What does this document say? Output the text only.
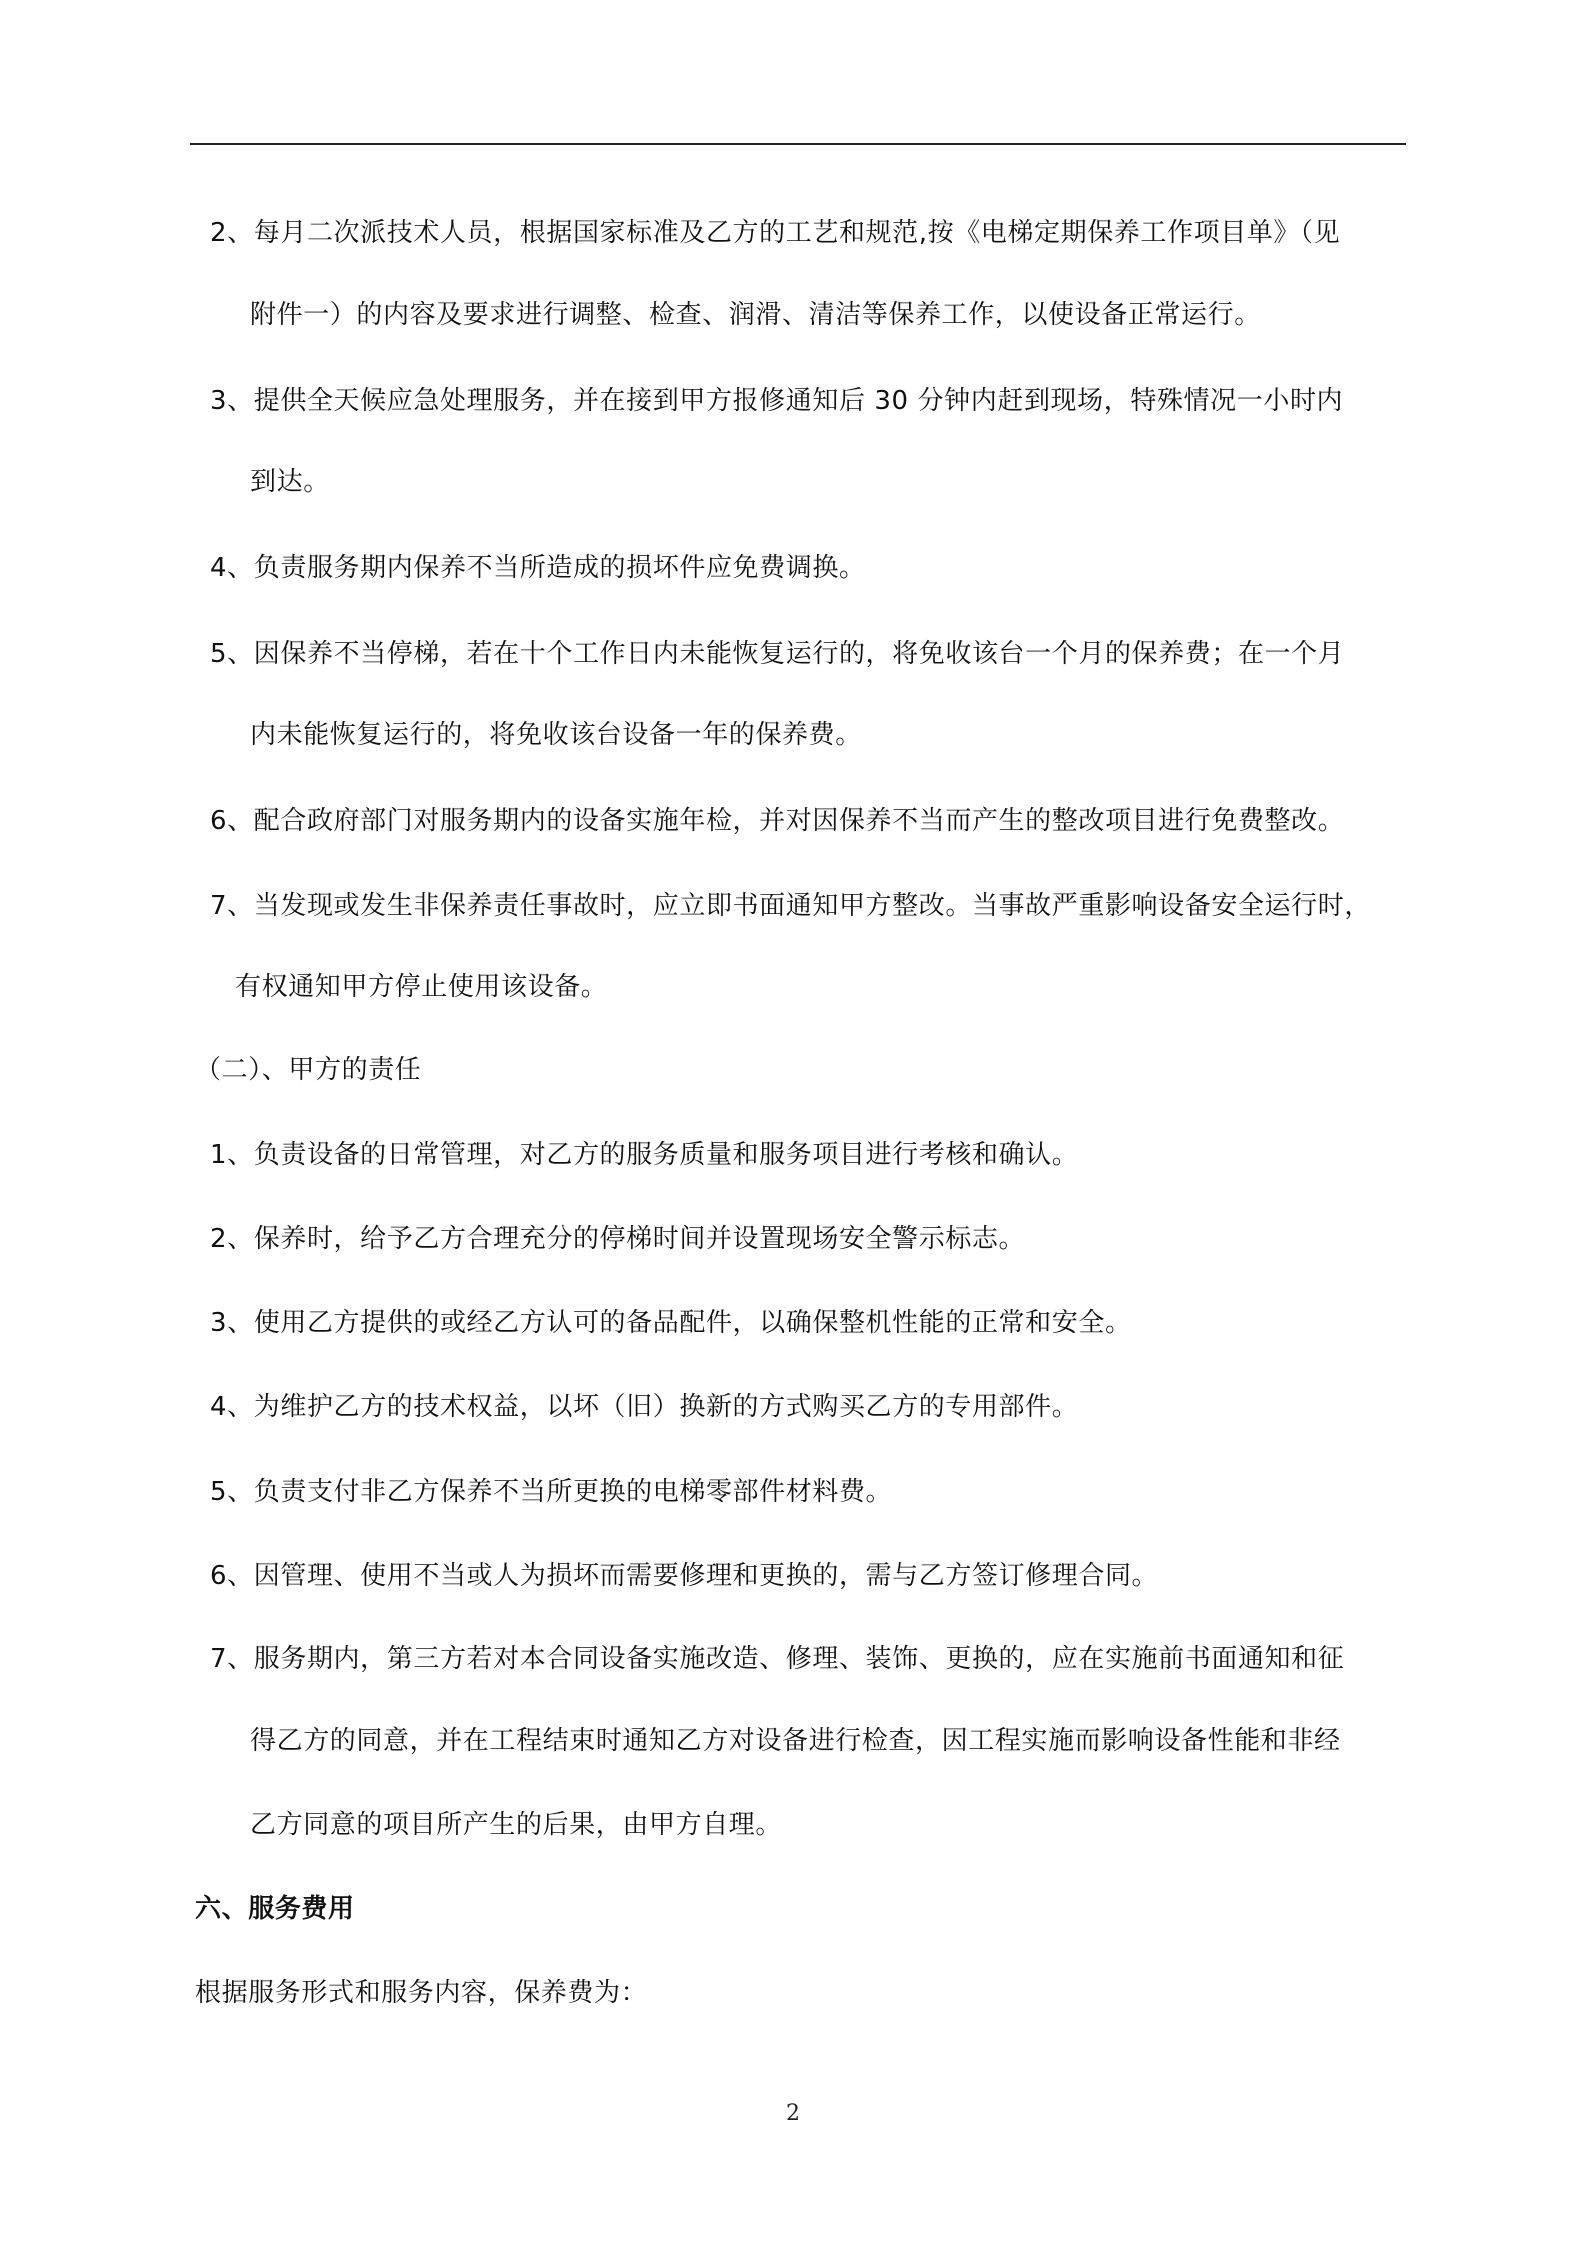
2、每月二次派技术人员，根据国家标准及乙方的工艺和规范,按《电梯定期保养工作项目单》（见

附件一）的内容及要求进行调整、检查、润滑、清洁等保养工作，以使设备正常运行。

3、提供全天候应急处理服务，并在接到甲方报修通知后 30 分钟内赶到现场，特殊情况一小时内

到达。

4、负责服务期内保养不当所造成的损坏件应免费调换。

5、因保养不当停梯，若在十个工作日内未能恢复运行的，将免收该台一个月的保养费；在一个月

内未能恢复运行的，将免收该台设备一年的保养费。

6、配合政府部门对服务期内的设备实施年检，并对因保养不当而产生的整改项目进行免费整改。

7、当发现或发生非保养责任事故时，应立即书面通知甲方整改。当事故严重影响设备安全运行时，

有权通知甲方停止使用该设备。

（二）、甲方的责任

1、负责设备的日常管理，对乙方的服务质量和服务项目进行考核和确认。

2、保养时，给予乙方合理充分的停梯时间并设置现场安全警示标志。

3、使用乙方提供的或经乙方认可的备品配件，以确保整机性能的正常和安全。

4、为维护乙方的技术权益，以坏（旧）换新的方式购买乙方的专用部件。

5、负责支付非乙方保养不当所更换的电梯零部件材料费。

6、因管理、使用不当或人为损坏而需要修理和更换的，需与乙方签订修理合同。

7、服务期内，第三方若对本合同设备实施改造、修理、装饰、更换的，应在实施前书面通知和征

得乙方的同意，并在工程结束时通知乙方对设备进行检查，因工程实施而影响设备性能和非经

乙方同意的项目所产生的后果，由甲方自理。

六、服务费用

根据服务形式和服务内容，保养费为：

2
